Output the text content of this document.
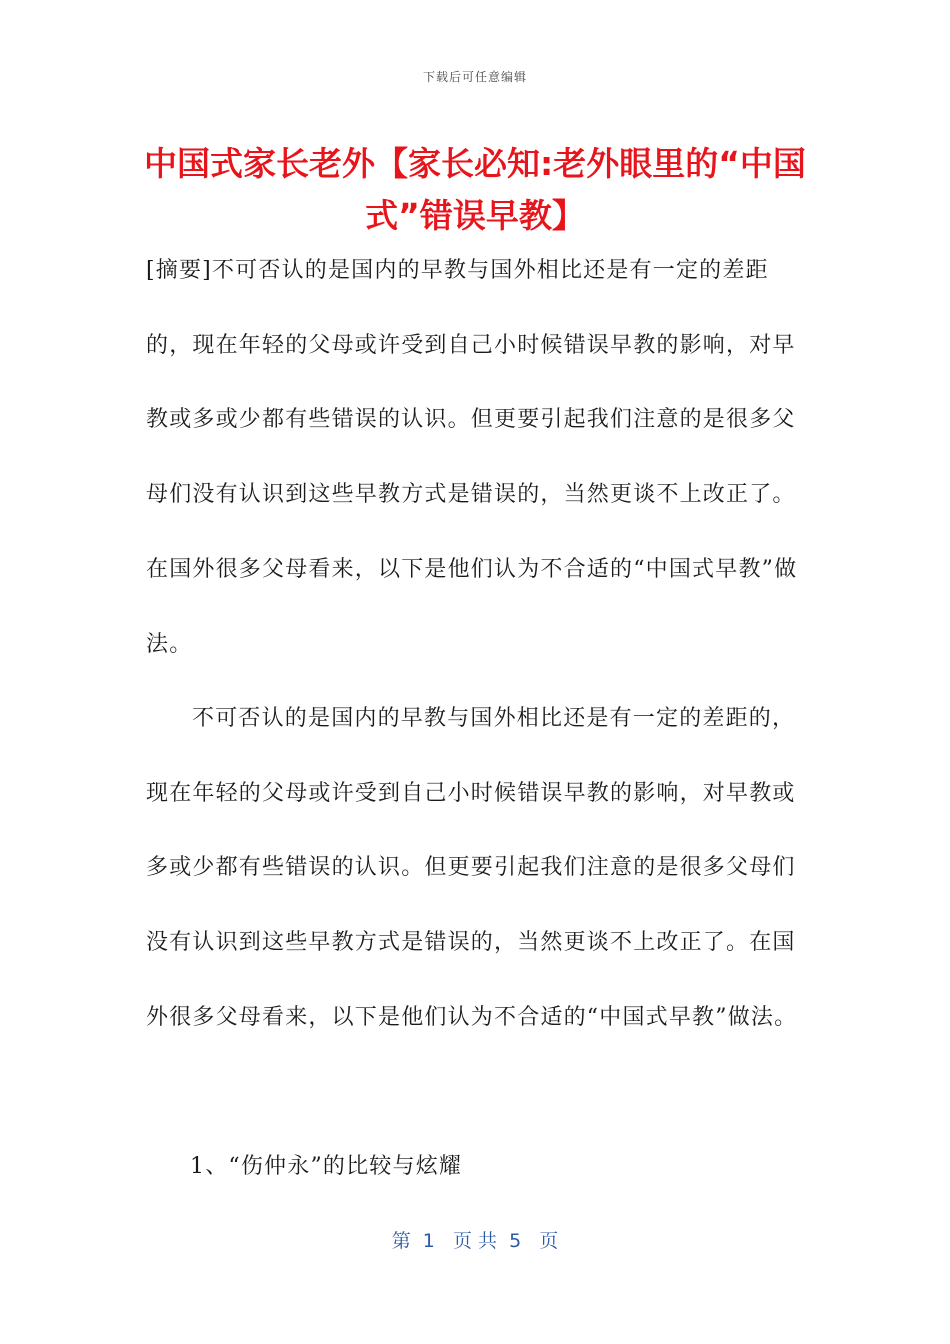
下载后可任意编辑
中国式家长老外【家长必知:老外眼里的“中国式”错误早教】

[摘要]不可否认的是国内的早教与国外相比还是有一定的差距的，现在年轻的父母或许受到自己小时候错误早教的影响，对早教或多或少都有些错误的认识。但更要引起我们注意的是很多父母们没有认识到这些早教方式是错误的，当然更谈不上改正了。在国外很多父母看来，以下是他们认为不合适的“中国式早教”做法。

不可否认的是国内的早教与国外相比还是有一定的差距的，现在年轻的父母或许受到自己小时候错误早教的影响，对早教或多或少都有些错误的认识。但更要引起我们注意的是很多父母们没有认识到这些早教方式是错误的，当然更谈不上改正了。在国外很多父母看来，以下是他们认为不合适的“中国式早教”做法。

1、“伤仲永”的比较与炫耀

第  1   页 共  5   页
